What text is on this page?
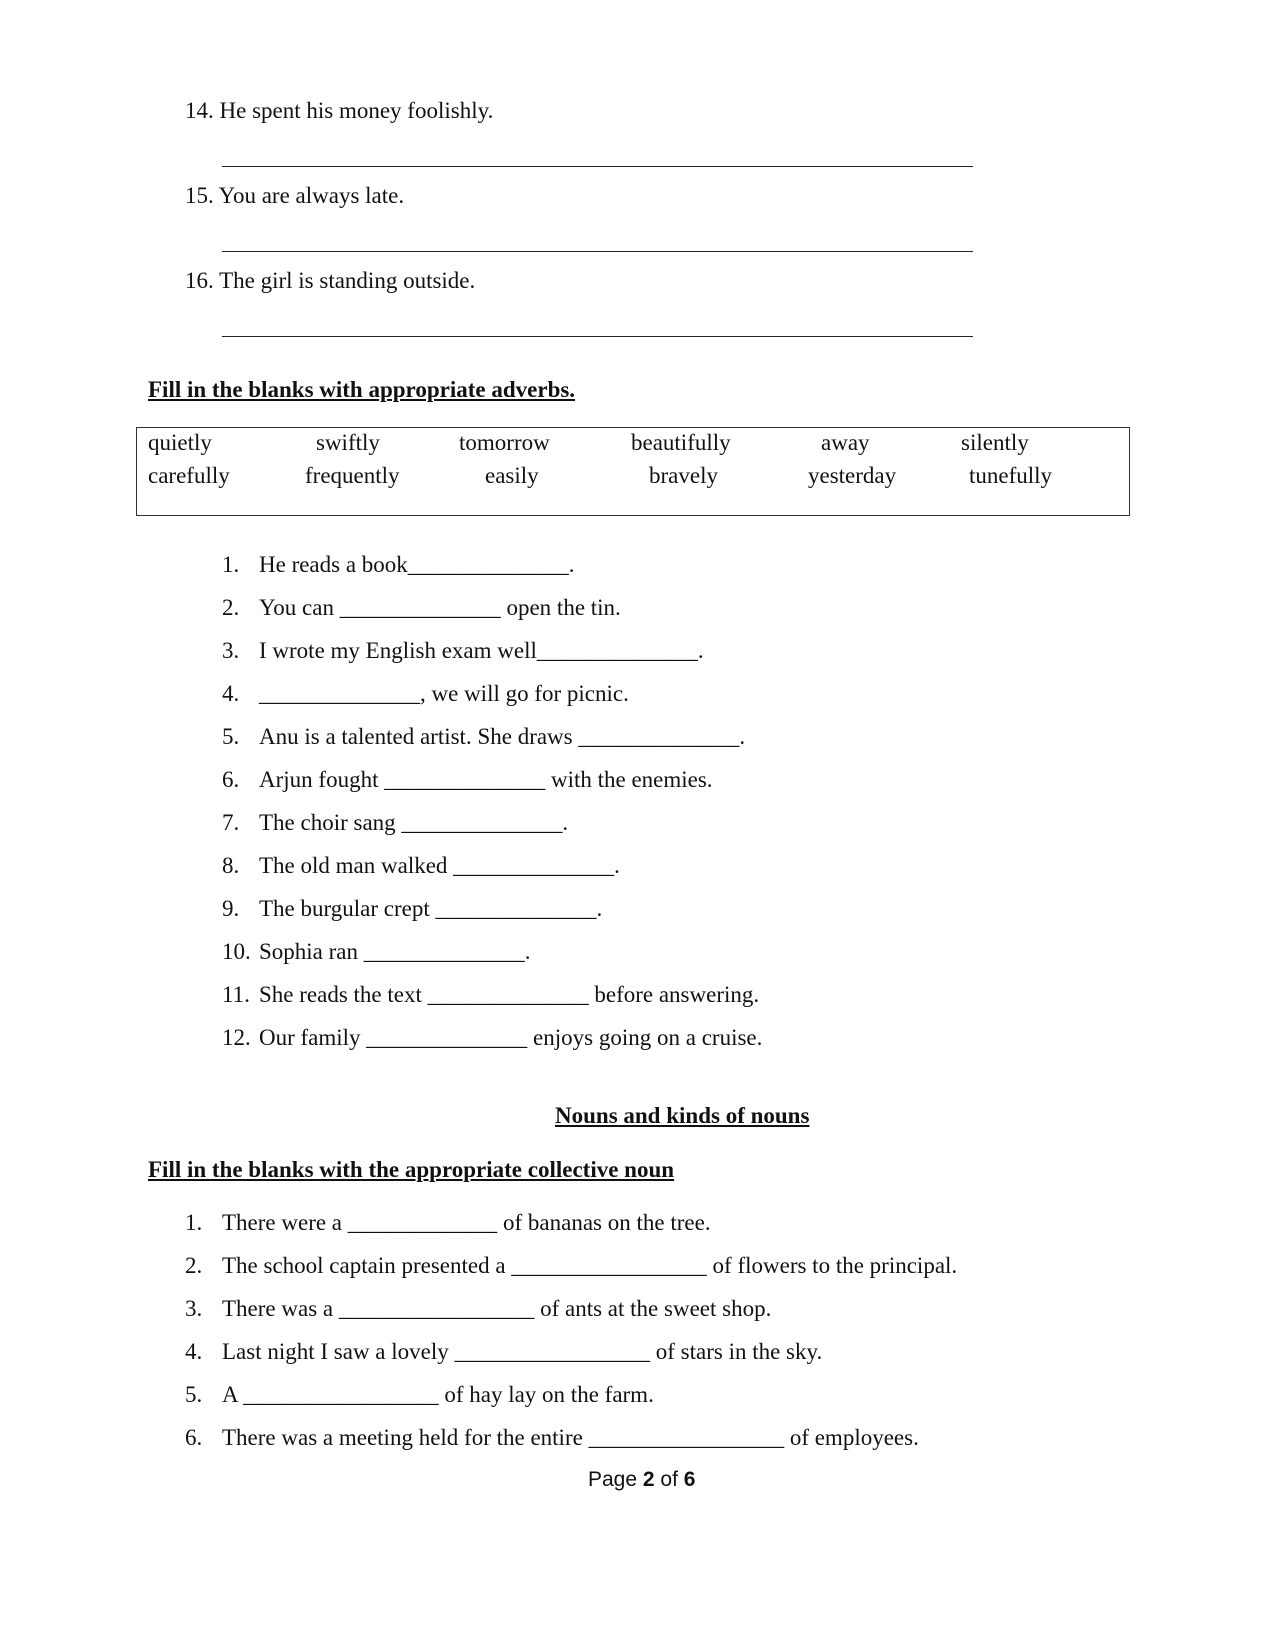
14. He spent his money foolishly.
15. You are always late.
16. The girl is standing outside.
Fill in the blanks with appropriate adverbs.
quietly	swiftly	tomorrow	beautifully	away	silently
carefully	frequently	easily	bravely	yesterday	tunefully
1. He reads a book______________.
2. You can ______________ open the tin.
3. I wrote my English exam well______________.
4. ______________, we will go for picnic.
5. Anu is a talented artist. She draws ______________.
6. Arjun fought ______________ with the enemies.
7. The choir sang ______________.
8. The old man walked ______________.
9. The burgular crept ______________.
10. Sophia ran ______________.
11. She reads the text ______________ before answering.
12. Our family ______________ enjoys going on a cruise.
Nouns and kinds of nouns
Fill in the blanks with the appropriate collective noun
1. There were a _____________ of bananas on the tree.
2. The school captain presented a _________________ of flowers to the principal.
3. There was a _________________ of ants at the sweet shop.
4. Last night I saw a lovely _________________ of stars in the sky.
5. A _________________ of hay lay on the farm.
6. There was a meeting held for the entire _________________ of employees.
Page 2 of 6
